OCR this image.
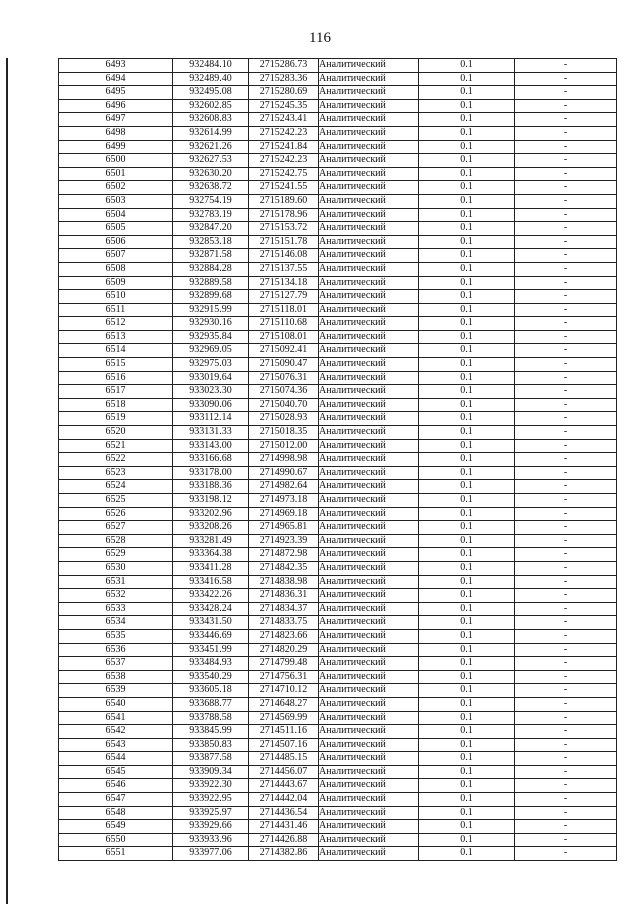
116
6493	932484.10	2715286.73	Аналитический	0.1	-
6494	932489.40	2715283.36	Аналитический	0.1	-
6495	932495.08	2715280.69	Аналитический	0.1	-
6496	932602.85	2715245.35	Аналитический	0.1	-
6497	932608.83	2715243.41	Аналитический	0.1	-
6498	932614.99	2715242.23	Аналитический	0.1	-
6499	932621.26	2715241.84	Аналитический	0.1	-
6500	932627.53	2715242.23	Аналитический	0.1	-
6501	932630.20	2715242.75	Аналитический	0.1	-
6502	932638.72	2715241.55	Аналитический	0.1	-
6503	932754.19	2715189.60	Аналитический	0.1	-
6504	932783.19	2715178.96	Аналитический	0.1	-
6505	932847.20	2715153.72	Аналитический	0.1	-
6506	932853.18	2715151.78	Аналитический	0.1	-
6507	932871.58	2715146.08	Аналитический	0.1	-
6508	932884.28	2715137.55	Аналитический	0.1	-
6509	932889.58	2715134.18	Аналитический	0.1	-
6510	932899.68	2715127.79	Аналитический	0.1	-
6511	932915.99	2715118.01	Аналитический	0.1	-
6512	932930.16	2715110.68	Аналитический	0.1	-
6513	932935.84	2715108.01	Аналитический	0.1	-
6514	932969.05	2715092.41	Аналитический	0.1	-
6515	932975.03	2715090.47	Аналитический	0.1	-
6516	933019.64	2715076.31	Аналитический	0.1	-
6517	933023.30	2715074.36	Аналитический	0.1	-
6518	933090.06	2715040.70	Аналитический	0.1	-
6519	933112.14	2715028.93	Аналитический	0.1	-
6520	933131.33	2715018.35	Аналитический	0.1	-
6521	933143.00	2715012.00	Аналитический	0.1	-
6522	933166.68	2714998.98	Аналитический	0.1	-
6523	933178.00	2714990.67	Аналитический	0.1	-
6524	933188.36	2714982.64	Аналитический	0.1	-
6525	933198.12	2714973.18	Аналитический	0.1	-
6526	933202.96	2714969.18	Аналитический	0.1	-
6527	933208.26	2714965.81	Аналитический	0.1	-
6528	933281.49	2714923.39	Аналитический	0.1	-
6529	933364.38	2714872.98	Аналитический	0.1	-
6530	933411.28	2714842.35	Аналитический	0.1	-
6531	933416.58	2714838.98	Аналитический	0.1	-
6532	933422.26	2714836.31	Аналитический	0.1	-
6533	933428.24	2714834.37	Аналитический	0.1	-
6534	933431.50	2714833.75	Аналитический	0.1	-
6535	933446.69	2714823.66	Аналитический	0.1	-
6536	933451.99	2714820.29	Аналитический	0.1	-
6537	933484.93	2714799.48	Аналитический	0.1	-
6538	933540.29	2714756.31	Аналитический	0.1	-
6539	933605.18	2714710.12	Аналитический	0.1	-
6540	933688.77	2714648.27	Аналитический	0.1	-
6541	933788.58	2714569.99	Аналитический	0.1	-
6542	933845.99	2714511.16	Аналитический	0.1	-
6543	933850.83	2714507.16	Аналитический	0.1	-
6544	933877.58	2714485.15	Аналитический	0.1	-
6545	933909.34	2714456.07	Аналитический	0.1	-
6546	933922.30	2714443.67	Аналитический	0.1	-
6547	933922.95	2714442.04	Аналитический	0.1	-
6548	933925.97	2714436.54	Аналитический	0.1	-
6549	933929.66	2714431.46	Аналитический	0.1	-
6550	933933.96	2714426.88	Аналитический	0.1	-
6551	933977.06	2714382.86	Аналитический	0.1	-
